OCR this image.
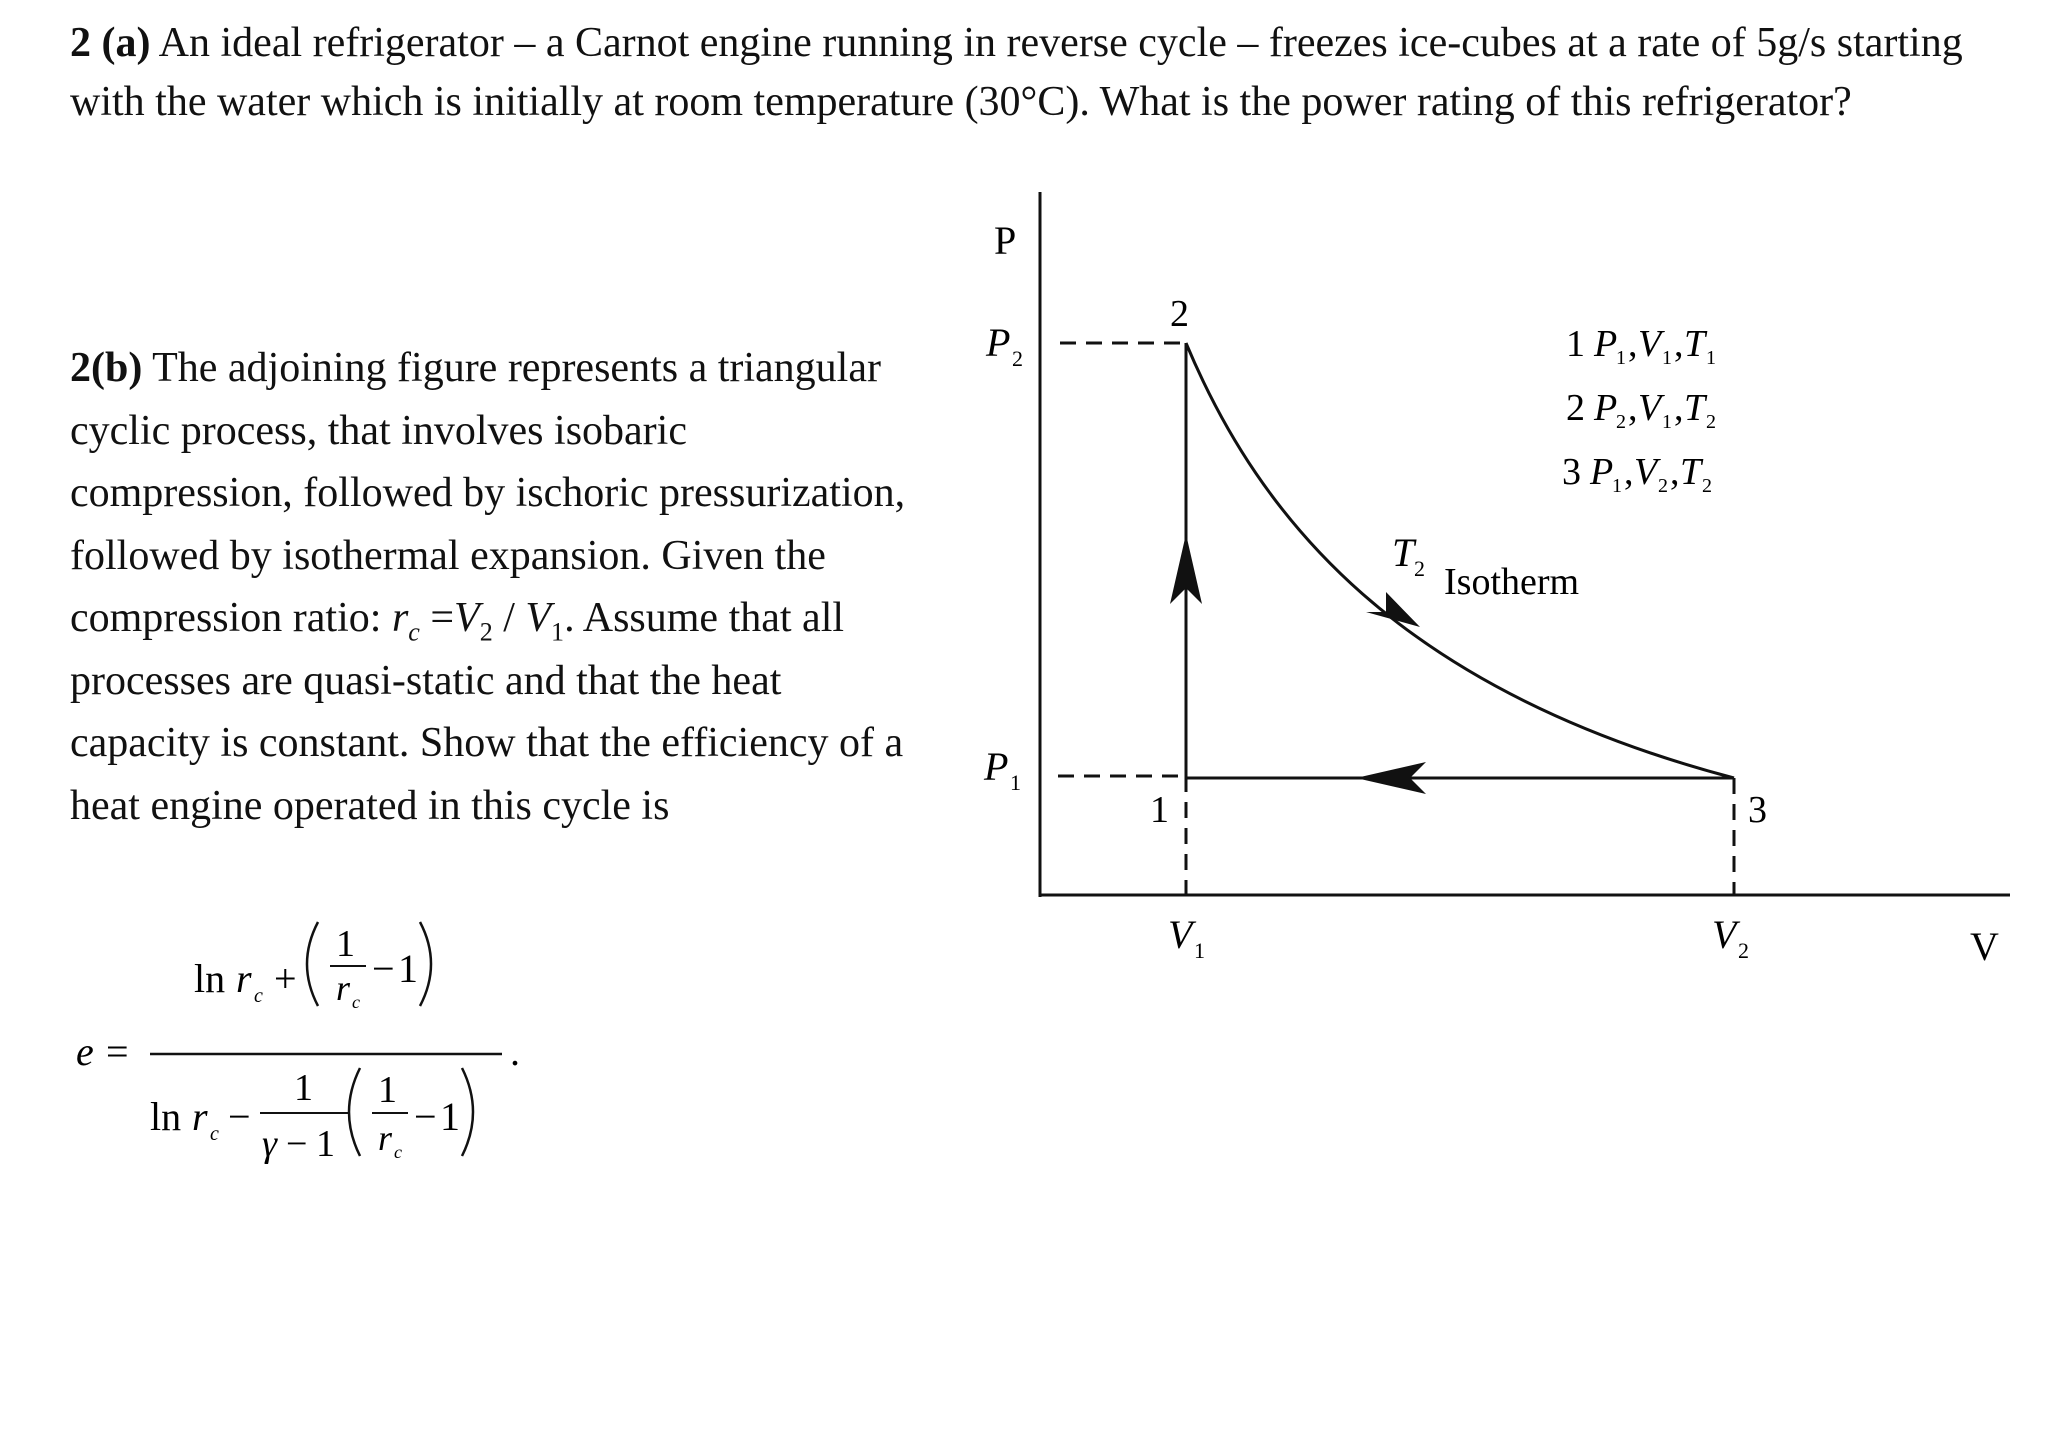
2 (a) An ideal refrigerator – a Carnot engine running in reverse cycle – freezes ice-cubes at a rate of 5g/s starting with the water which is initially at room temperature (30°C). What is the power rating of this refrigerator?
2(b) The adjoining figure represents a triangular cyclic process, that involves isobaric compression, followed by ischoric pressurization, followed by isothermal expansion. Given the compression ratio: $r_c =V_2 / V_1$. Assume that all processes are quasi-static and that the heat capacity is constant. Show that the efficiency of a heat engine operated in this cycle is
e =
ln r c +
1
r c
− 1
ln r c −
1
γ − 1
1
r c
− 1
.
P
V
P 2
P 1
V 1	V 2
2
1	3
T 2 Isotherm
1 P
1 , V 1 , T 1
2 P
2 , V 1 , T 2
3 P
1 , V 2 , T 2
